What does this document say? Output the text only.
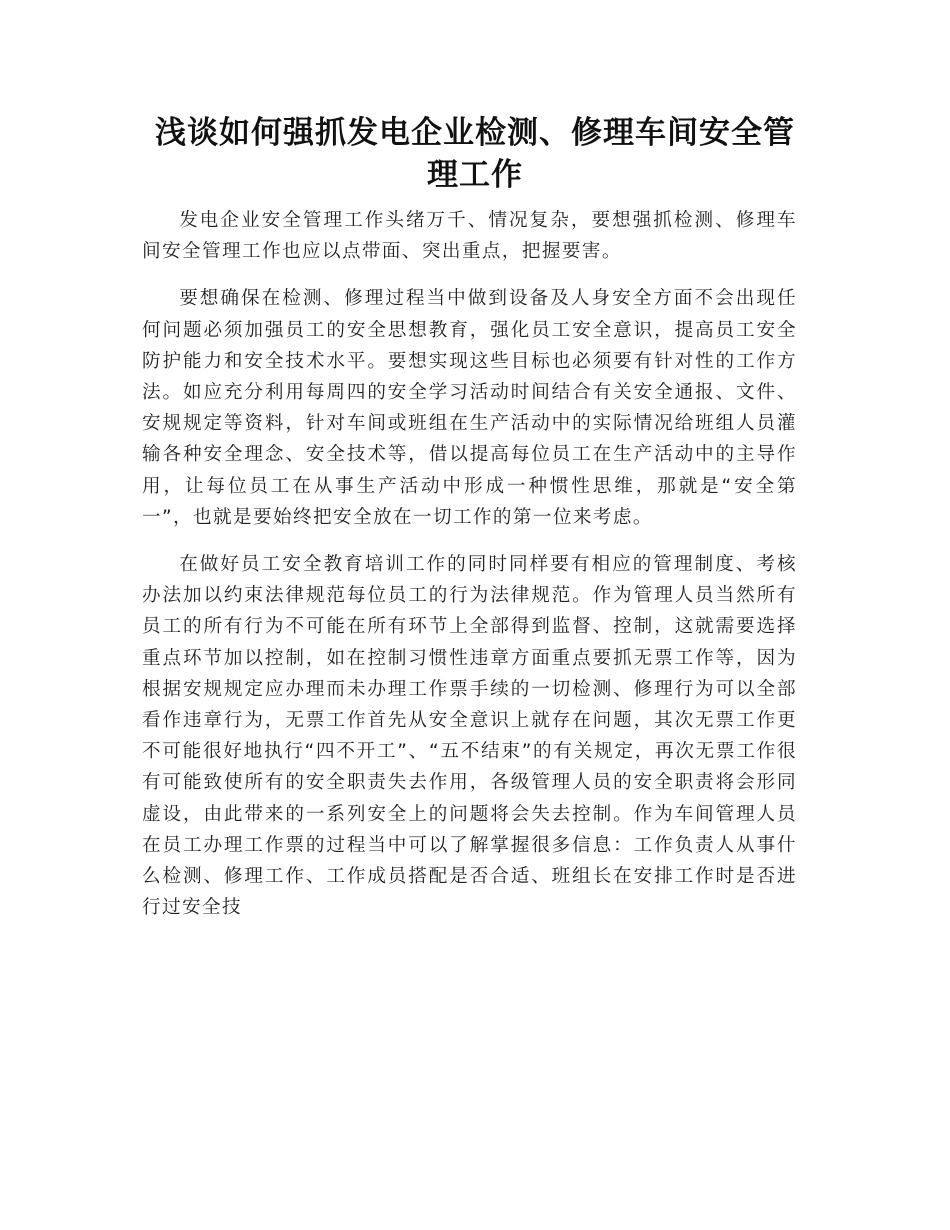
浅谈如何强抓发电企业检测、修理车间安全管理工作

发电企业安全管理工作头绪万千、情况复杂，要想强抓检测、修理车间安全管理工作也应以点带面、突出重点，把握要害。

要想确保在检测、修理过程当中做到设备及人身安全方面不会出现任何问题必须加强员工的安全思想教育，强化员工安全意识，提高员工安全防护能力和安全技术水平。要想实现这些目标也必须要有针对性的工作方法。如应充分利用每周四的安全学习活动时间结合有关安全通报、文件、安规规定等资料，针对车间或班组在生产活动中的实际情况给班组人员灌输各种安全理念、安全技术等，借以提高每位员工在生产活动中的主导作用，让每位员工在从事生产活动中形成一种惯性思维，那就是“安全第一”，也就是要始终把安全放在一切工作的第一位来考虑。

在做好员工安全教育培训工作的同时同样要有相应的管理制度、考核办法加以约束法律规范每位员工的行为法律规范。作为管理人员当然所有员工的所有行为不可能在所有环节上全部得到监督、控制，这就需要选择重点环节加以控制，如在控制习惯性违章方面重点要抓无票工作等，因为根据安规规定应办理而未办理工作票手续的一切检测、修理行为可以全部看作违章行为，无票工作首先从安全意识上就存在问题，其次无票工作更不可能很好地执行“四不开工”、“五不结束”的有关规定，再次无票工作很有可能致使所有的安全职责失去作用，各级管理人员的安全职责将会形同虚设，由此带来的一系列安全上的问题将会失去控制。作为车间管理人员在员工办理工作票的过程当中可以了解掌握很多信息：工作负责人从事什么检测、修理工作、工作成员搭配是否合适、班组长在安排工作时是否进行过安全技
